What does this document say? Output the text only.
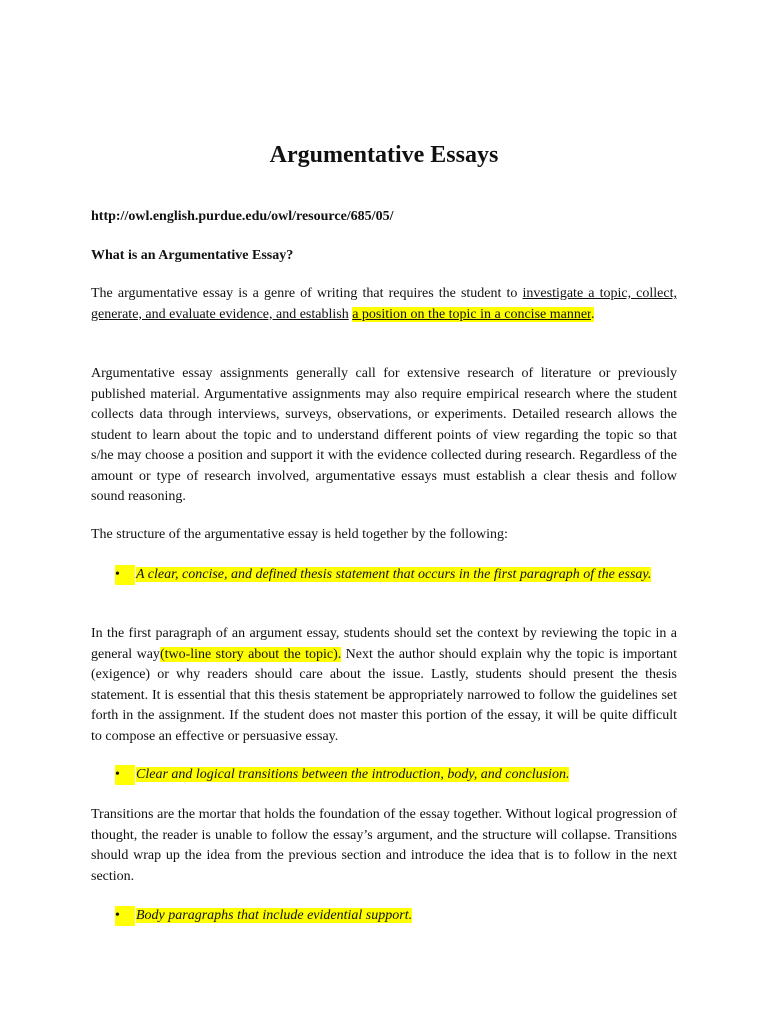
Argumentative Essays

http://owl.english.purdue.edu/owl/resource/685/05/

What is an Argumentative Essay?

The argumentative essay is a genre of writing that requires the student to investigate a topic, collect, generate, and evaluate evidence, and establish a position on the topic in a concise manner.

Argumentative essay assignments generally call for extensive research of literature or previously published material. Argumentative assignments may also require empirical research where the student collects data through interviews, surveys, observations, or experiments. Detailed research allows the student to learn about the topic and to understand different points of view regarding the topic so that s/he may choose a position and support it with the evidence collected during research. Regardless of the amount or type of research involved, argumentative essays must establish a clear thesis and follow sound reasoning.

The structure of the argumentative essay is held together by the following:

•	A clear, concise, and defined thesis statement that occurs in the first paragraph of the essay.

In the first paragraph of an argument essay, students should set the context by reviewing the topic in a general way(two-line story about the topic). Next the author should explain why the topic is important (exigence) or why readers should care about the issue. Lastly, students should present the thesis statement. It is essential that this thesis statement be appropriately narrowed to follow the guidelines set forth in the assignment. If the student does not master this portion of the essay, it will be quite difficult to compose an effective or persuasive essay.

•	Clear and logical transitions between the introduction, body, and conclusion.

Transitions are the mortar that holds the foundation of the essay together. Without logical progression of thought, the reader is unable to follow the essay’s argument, and the structure will collapse. Transitions should wrap up the idea from the previous section and introduce the idea that is to follow in the next section.

•	Body paragraphs that include evidential support.
